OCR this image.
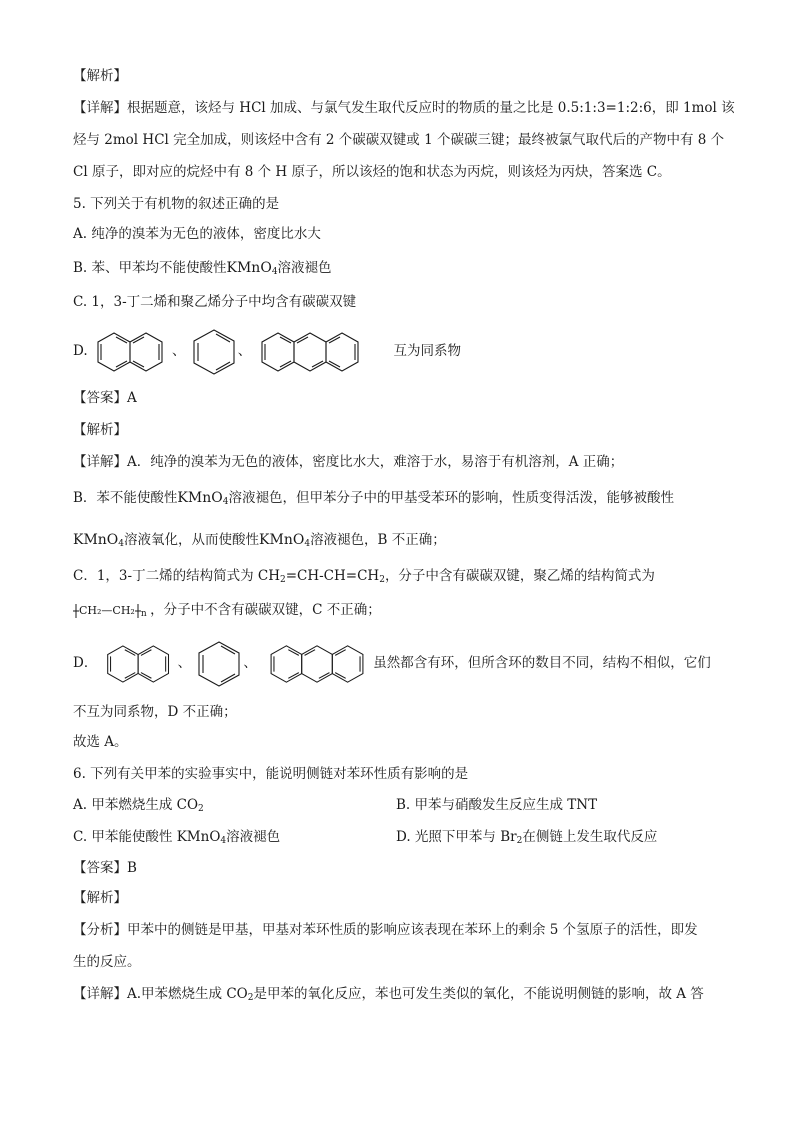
【解析】
【详解】根据题意，该烃与 HCl 加成、与氯气发生取代反应时的物质的量之比是 0.5:1:3=1:2:6，即 1mol 该
烃与 2mol HCl 完全加成，则该烃中含有 2 个碳碳双键或 1 个碳碳三键；最终被氯气取代后的产物中有 8 个
Cl 原子，即对应的烷烃中有 8 个 H 原子，所以该烃的饱和状态为丙烷，则该烃为丙炔，答案选 C。
5. 下列关于有机物的叙述正确的是
A. 纯净的溴苯为无色的液体，密度比水大
B. 苯、甲苯均不能使酸性KMnO$_4$溶液褪色
C. 1，3-丁二烯和聚乙烯分子中均含有碳碳双键
D.	、	、	互为同系物
【答案】A
【解析】
【详解】A．纯净的溴苯为无色的液体，密度比水大，难溶于水，易溶于有机溶剂，A 正确；
B．苯不能使酸性KMnO$_4$溶液褪色，但甲苯分子中的甲基受苯环的影响，性质变得活泼，能够被酸性
KMnO$_4$溶液氧化，从而使酸性KMnO$_4$溶液褪色，B 不正确；
C．1，3-丁二烯的结构简式为 $CH_2=CH-CH=CH_2$，分子中含有碳碳双键，聚乙烯的结构简式为
CH₂—CH₂ $_n$ ，分子中不含有碳碳双键，C 不正确；
D．	、	、	虽然都含有环，但所含环的数目不同，结构不相似，它们
不互为同系物，D 不正确；
故选 A。
6. 下列有关甲苯的实验事实中，能说明侧链对苯环性质有影响的是
A. 甲苯燃烧生成 $CO_2$	B. 甲苯与硝酸发生反应生成 TNT
C. 甲苯能使酸性 KMnO$_4$溶液褪色	D. 光照下甲苯与 $Br_2$在侧链上发生取代反应
【答案】B
【解析】
【分析】甲苯中的侧链是甲基，甲基对苯环性质的影响应该表现在苯环上的剩余 5 个氢原子的活性，即发
生的反应。
【详解】A.甲苯燃烧生成 $CO_2$是甲苯的氧化反应，苯也可发生类似的氧化，不能说明侧链的影响，故 A 答
